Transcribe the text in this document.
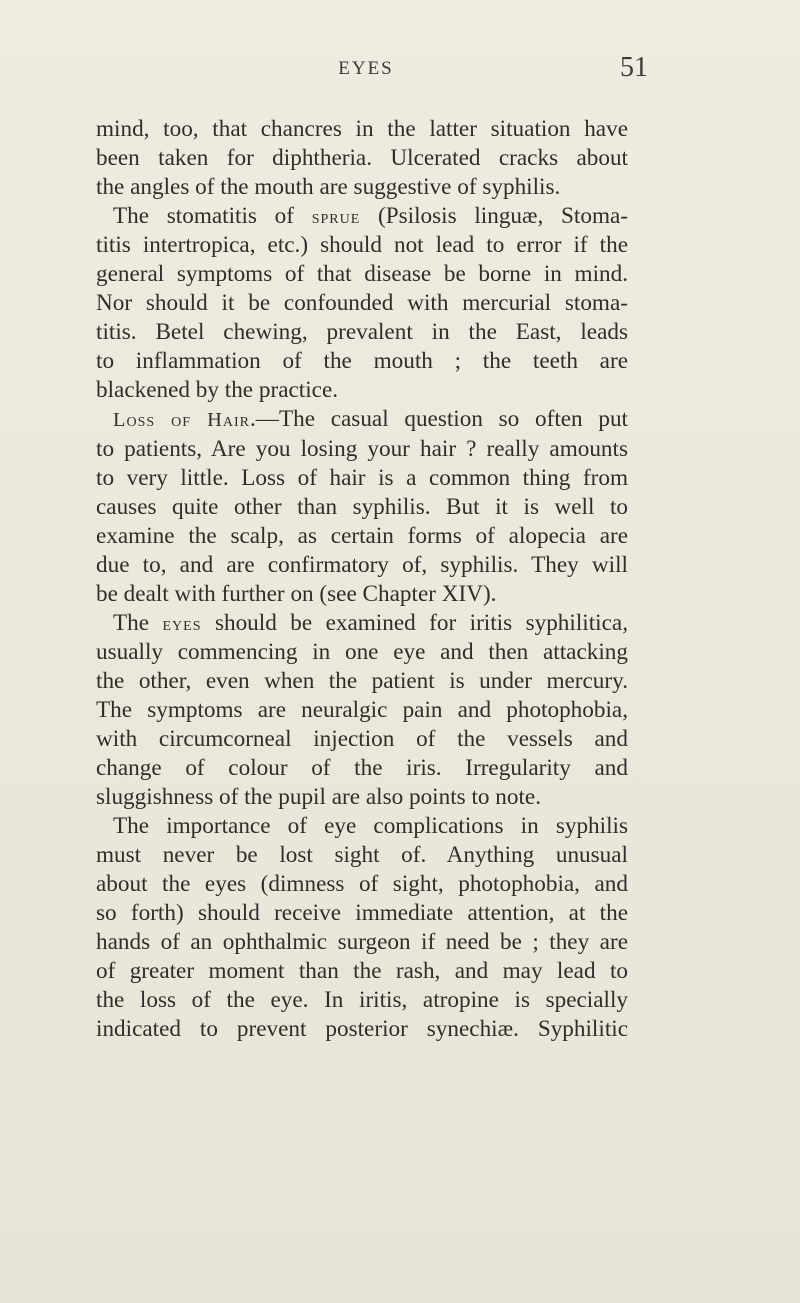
EYES	51
mind, too, that chancres in the latter situation have
been taken for diphtheria. Ulcerated cracks about
the angles of the mouth are suggestive of syphilis.
The stomatitis of sprue (Psilosis linguæ, Stoma-
titis intertropica, etc.) should not lead to error if the
general symptoms of that disease be borne in mind.
Nor should it be confounded with mercurial stoma-
titis. Betel chewing, prevalent in the East, leads
to inflammation of the mouth ; the teeth are
blackened by the practice.
Loss of Hair.—The casual question so often put
to patients, Are you losing your hair ? really amounts
to very little. Loss of hair is a common thing from
causes quite other than syphilis. But it is well to
examine the scalp, as certain forms of alopecia are
due to, and are confirmatory of, syphilis. They will
be dealt with further on (see Chapter XIV).
The eyes should be examined for iritis syphilitica,
usually commencing in one eye and then attacking
the other, even when the patient is under mercury.
The symptoms are neuralgic pain and photophobia,
with circumcorneal injection of the vessels and
change of colour of the iris. Irregularity and
sluggishness of the pupil are also points to note.
The importance of eye complications in syphilis
must never be lost sight of. Anything unusual
about the eyes (dimness of sight, photophobia, and
so forth) should receive immediate attention, at the
hands of an ophthalmic surgeon if need be ; they are
of greater moment than the rash, and may lead to
the loss of the eye. In iritis, atropine is specially
indicated to prevent posterior synechiæ. Syphilitic
